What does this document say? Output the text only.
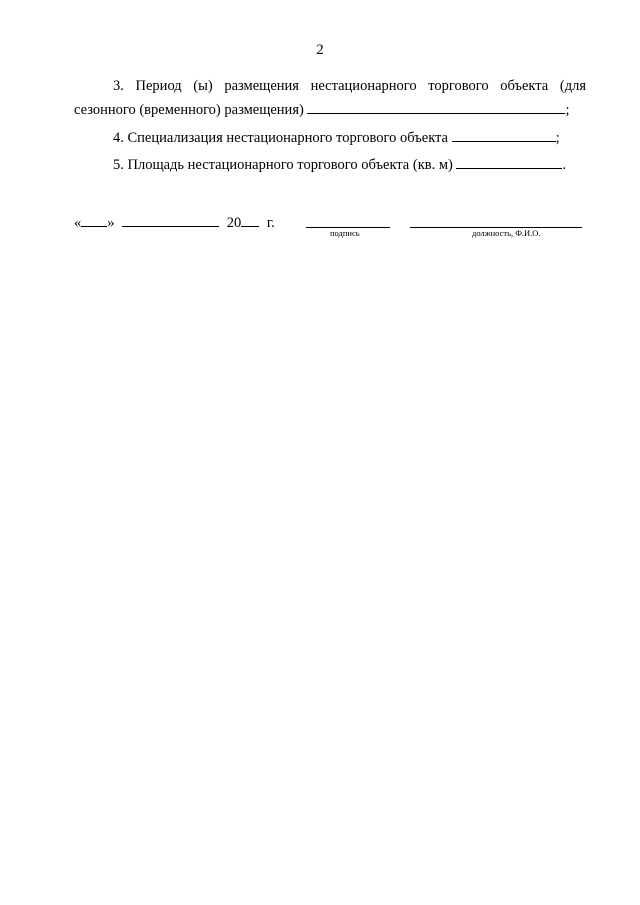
2
3. Период (ы) размещения нестационарного торгового объекта (для
сезонного (временного) размещения)	;
4. Специализация нестационарного торгового объекта	;
5. Площадь нестационарного торгового объекта (кв. м)	.
« »	20 г.
подпись	должность, Ф.И.О.
